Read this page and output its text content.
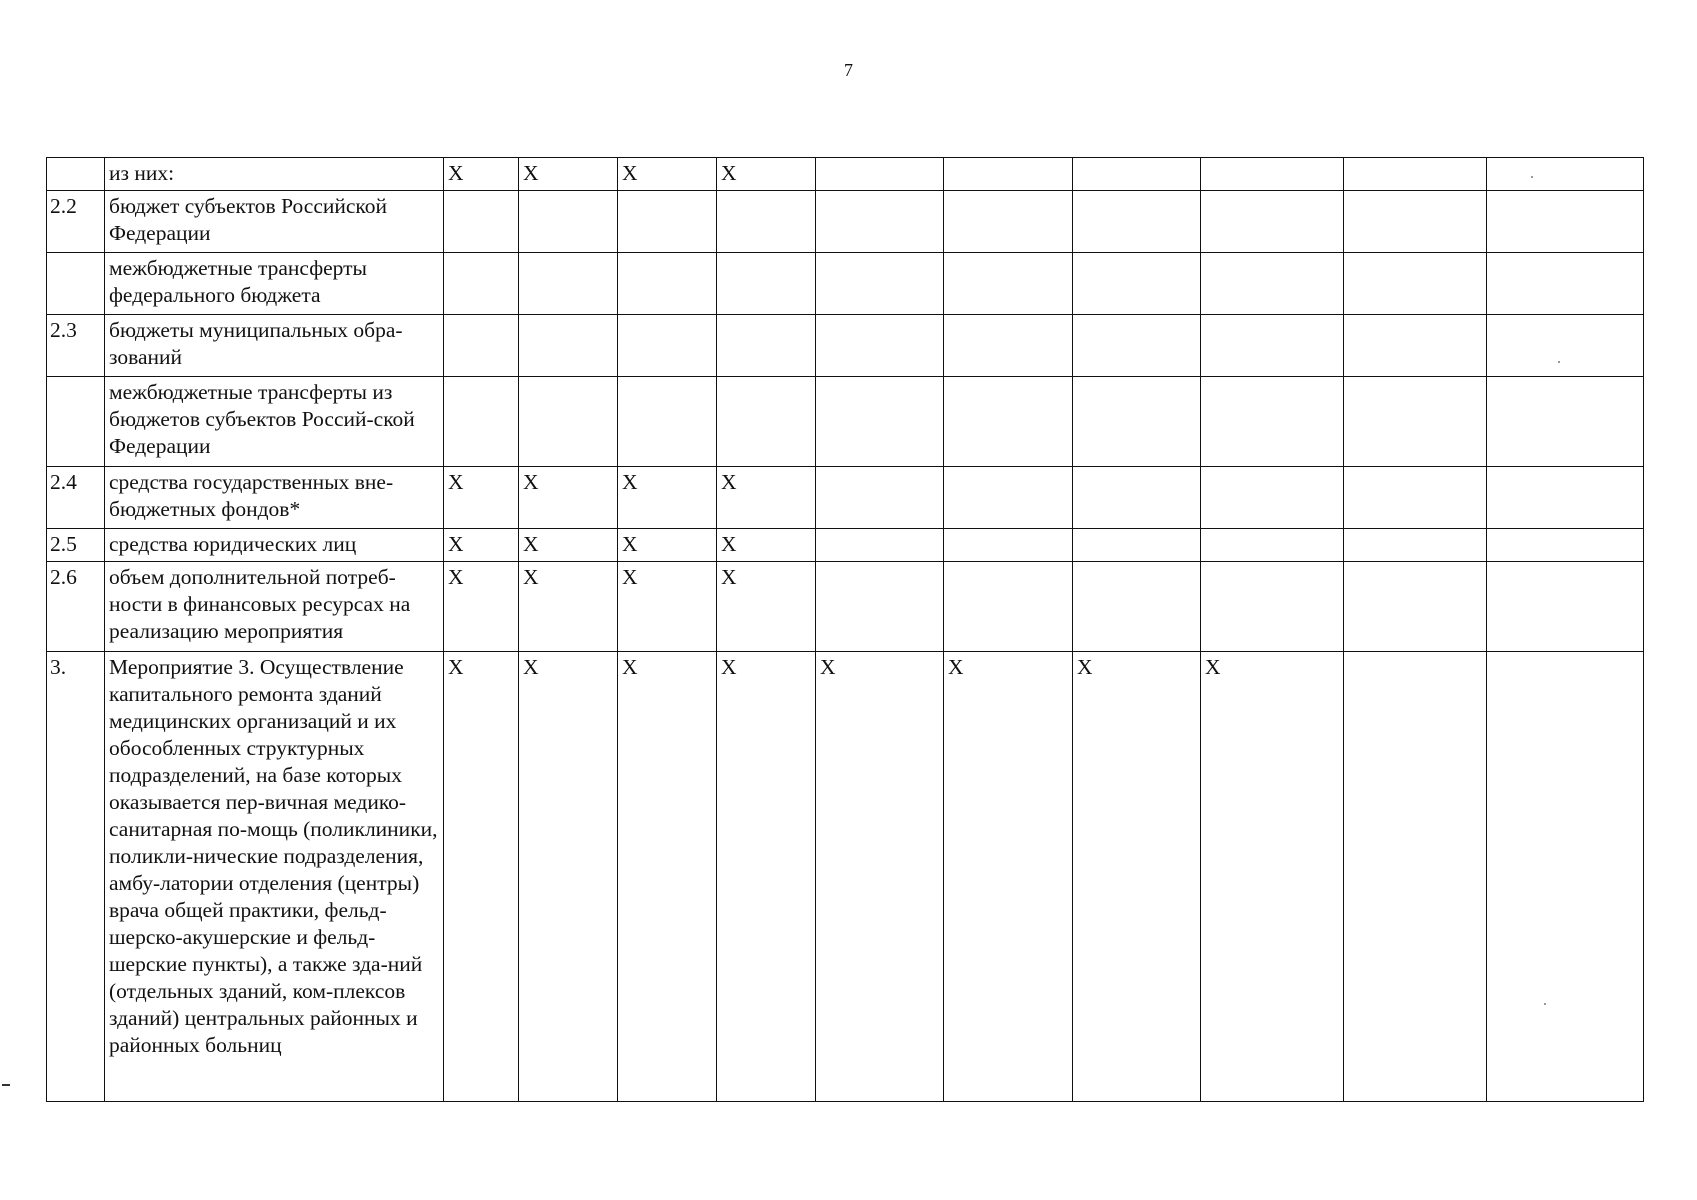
7
	из них:	X	X	X	X						
2.2	бюджет субъектов Российской Федерации										
	межбюджетные трансферты федерального бюджета										
2.3	бюджеты муниципальных обра-зований										
	межбюджетные трансферты из бюджетов субъектов Россий-ской Федерации										
2.4	средства государственных вне-бюджетных фондов*	X	X	X	X						
2.5	средства юридических лиц	X	X	X	X						
2.6	объем дополнительной потреб-ности в финансовых ресурсах на реализацию мероприятия	X	X	X	X						
3.	Мероприятие 3. Осуществление капитального ремонта зданий медицинских организаций и их обособленных структурных подразделений, на базе которых оказывается пер-вичная медико-санитарная по-мощь (поликлиники, поликли-нические подразделения, амбу-латории отделения (центры) врача общей практики, фельд-шерско-акушерские и фельд-шерские пункты), а также зда-ний (отдельных зданий, ком-плексов зданий) центральных районных и районных больниц	X	X	X	X	X	X	X	X		
